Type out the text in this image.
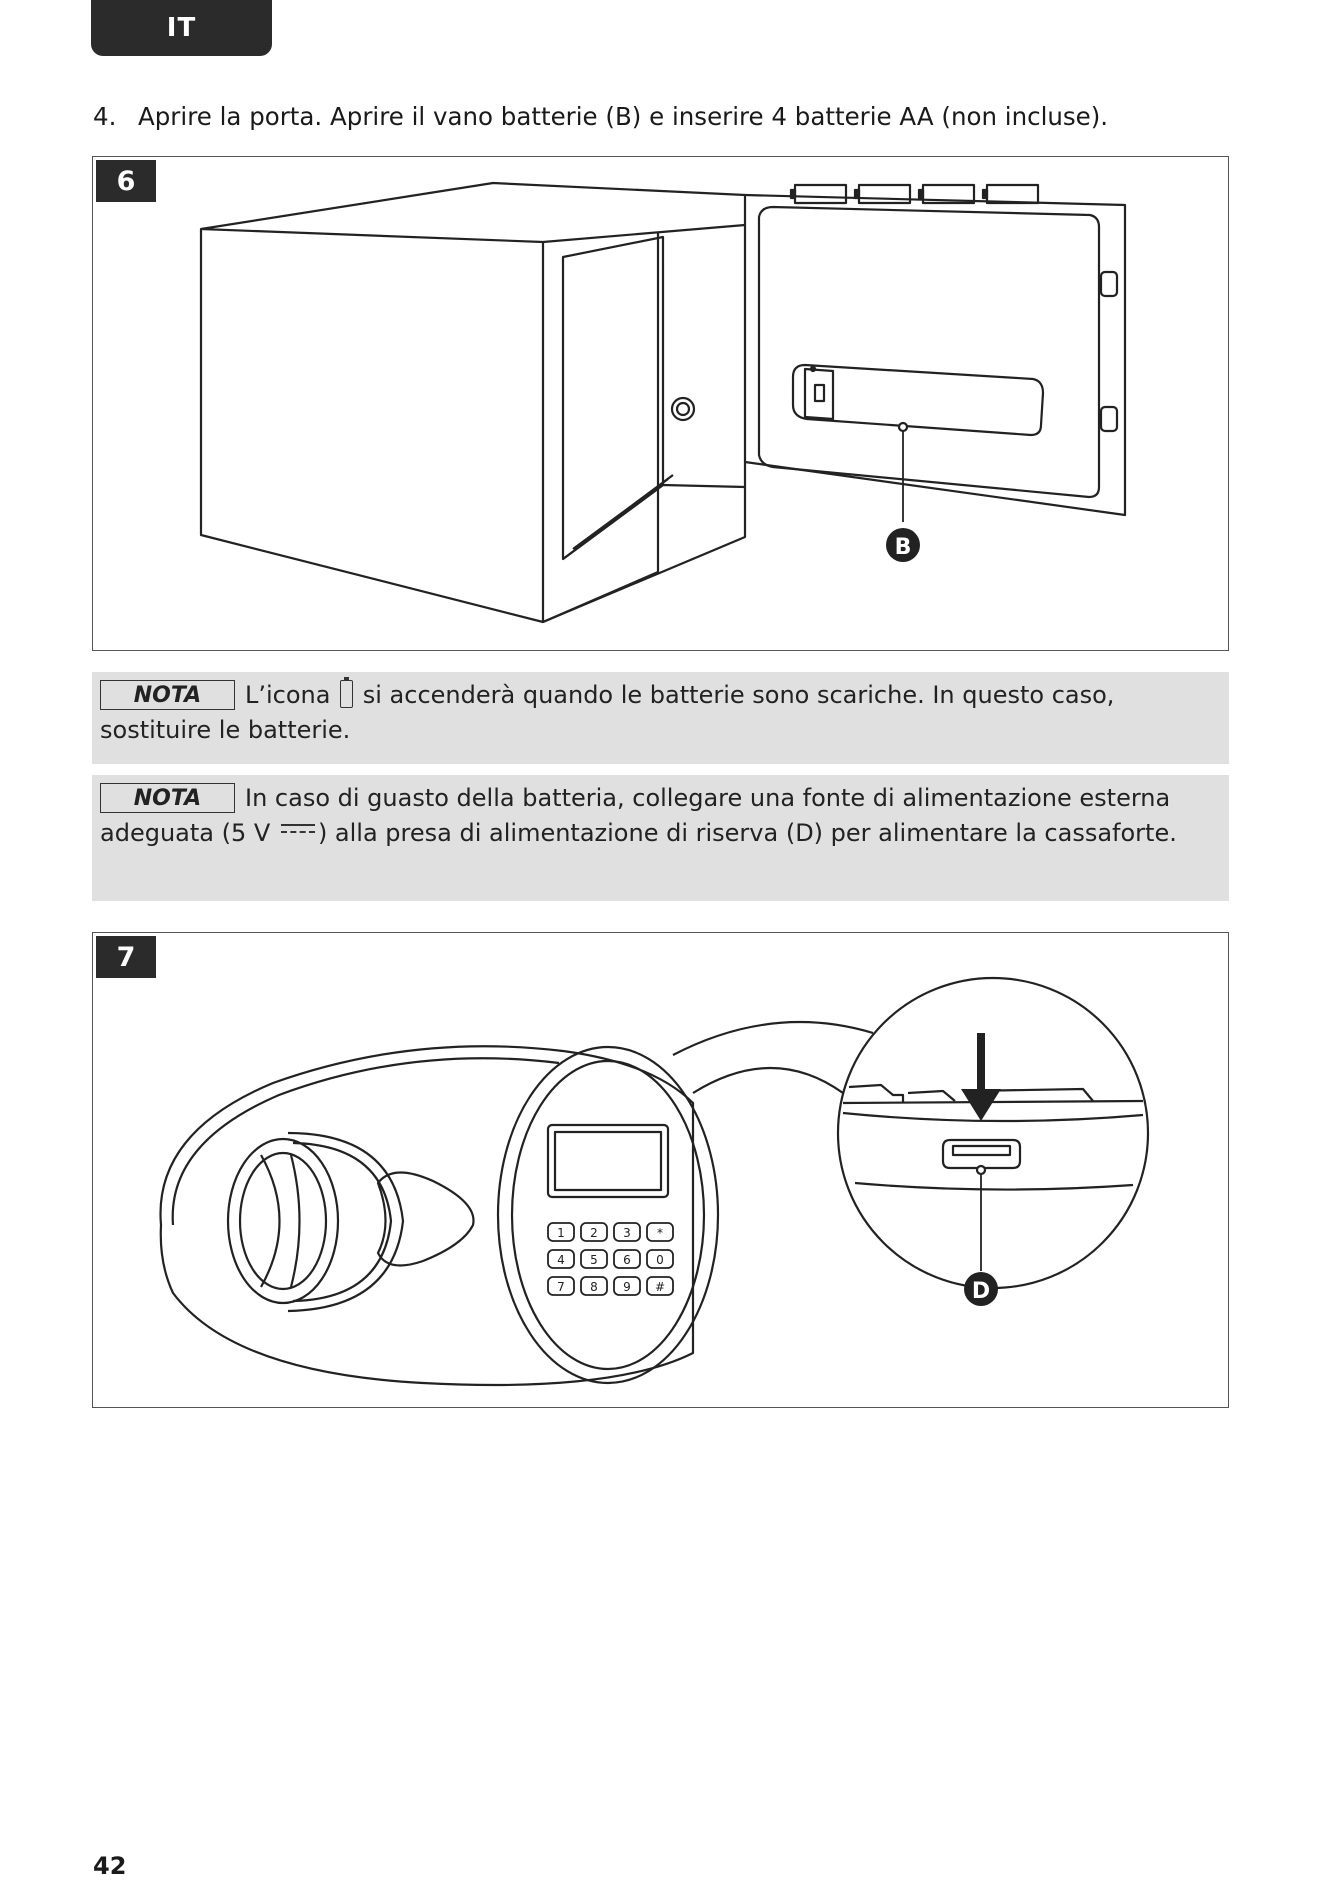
IT
4. Aprire la porta. Aprire il vano batterie (B) e inserire 4 batterie AA (non incluse).
6
B
NOTA L’icona si accenderà quando le batterie sono scariche. In questo caso, sostituire le batterie.
NOTA In caso di guasto della batteria, collegare una fonte di alimentazione esterna adeguata (5 V ) alla presa di alimentazione di riserva (D) per alimentare la cassaforte.
7
D
1 2 3 *
4 5 6 0
7 8 9 #
42
